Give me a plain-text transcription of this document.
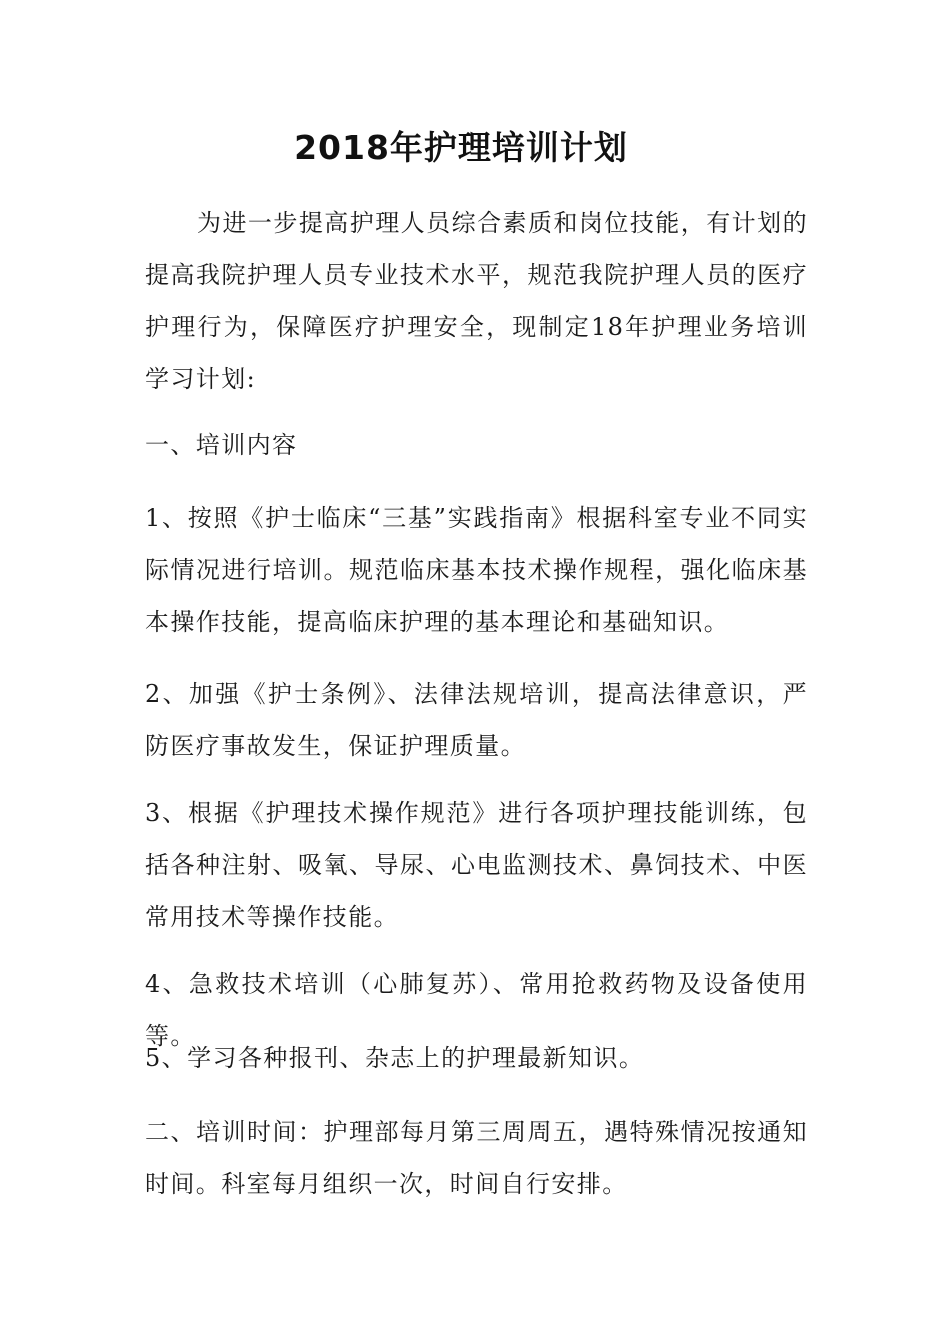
2018年护理培训计划

为进一步提高护理人员综合素质和岗位技能，有计划的提高我院护理人员专业技术水平，规范我院护理人员的医疗护理行为，保障医疗护理安全，现制定18年护理业务培训学习计划:

一、培训内容

1、按照《护士临床“三基”实践指南》根据科室专业不同实际情况进行培训。规范临床基本技术操作规程，强化临床基本操作技能，提高临床护理的基本理论和基础知识。

2、加强《护士条例》、法律法规培训，提高法律意识，严防医疗事故发生，保证护理质量。

3、根据《护理技术操作规范》进行各项护理技能训练，包括各种注射、吸氧、导尿、心电监测技术、鼻饲技术、中医常用技术等操作技能。

4、急救技术培训（心肺复苏）、常用抢救药物及设备使用等。

5、学习各种报刊、杂志上的护理最新知识。

二、培训时间：护理部每月第三周周五，遇特殊情况按通知时间。科室每月组织一次，时间自行安排。
